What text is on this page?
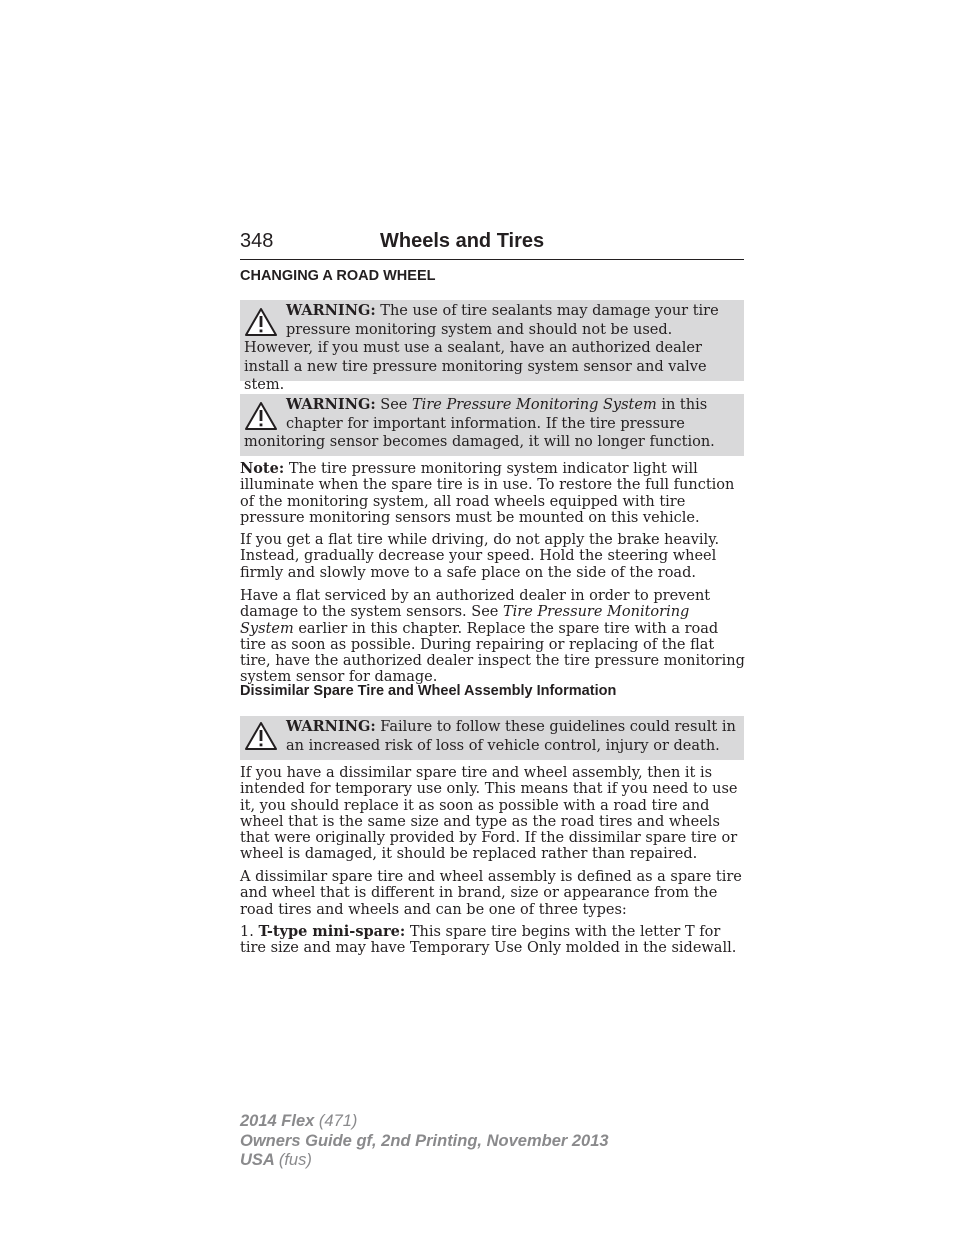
348	Wheels and Tires
CHANGING A ROAD WHEEL
WARNING: The use of tire sealants may damage your tire pressure monitoring system and should not be used. However, if you must use a sealant, have an authorized dealer install a new tire pressure monitoring system sensor and valve stem.
WARNING: See Tire Pressure Monitoring System in this chapter for important information. If the tire pressure monitoring sensor becomes damaged, it will no longer function.

Note: The tire pressure monitoring system indicator light will illuminate when the spare tire is in use. To restore the full function of the monitoring system, all road wheels equipped with tire pressure monitoring sensors must be mounted on this vehicle.

If you get a flat tire while driving, do not apply the brake heavily. Instead, gradually decrease your speed. Hold the steering wheel firmly and slowly move to a safe place on the side of the road.

Have a flat serviced by an authorized dealer in order to prevent damage to the system sensors. See Tire Pressure Monitoring System earlier in this chapter. Replace the spare tire with a road tire as soon as possible. During repairing or replacing of the flat tire, have the authorized dealer inspect the tire pressure monitoring system sensor for damage.

Dissimilar Spare Tire and Wheel Assembly Information
WARNING: Failure to follow these guidelines could result in an increased risk of loss of vehicle control, injury or death.

If you have a dissimilar spare tire and wheel assembly, then it is intended for temporary use only. This means that if you need to use it, you should replace it as soon as possible with a road tire and wheel that is the same size and type as the road tires and wheels that were originally provided by Ford. If the dissimilar spare tire or wheel is damaged, it should be replaced rather than repaired.

A dissimilar spare tire and wheel assembly is defined as a spare tire and wheel that is different in brand, size or appearance from the road tires and wheels and can be one of three types:

1. T-type mini-spare: This spare tire begins with the letter T for tire size and may have Temporary Use Only molded in the sidewall.

2014 Flex (471)
Owners Guide gf, 2nd Printing, November 2013
USA (fus)
